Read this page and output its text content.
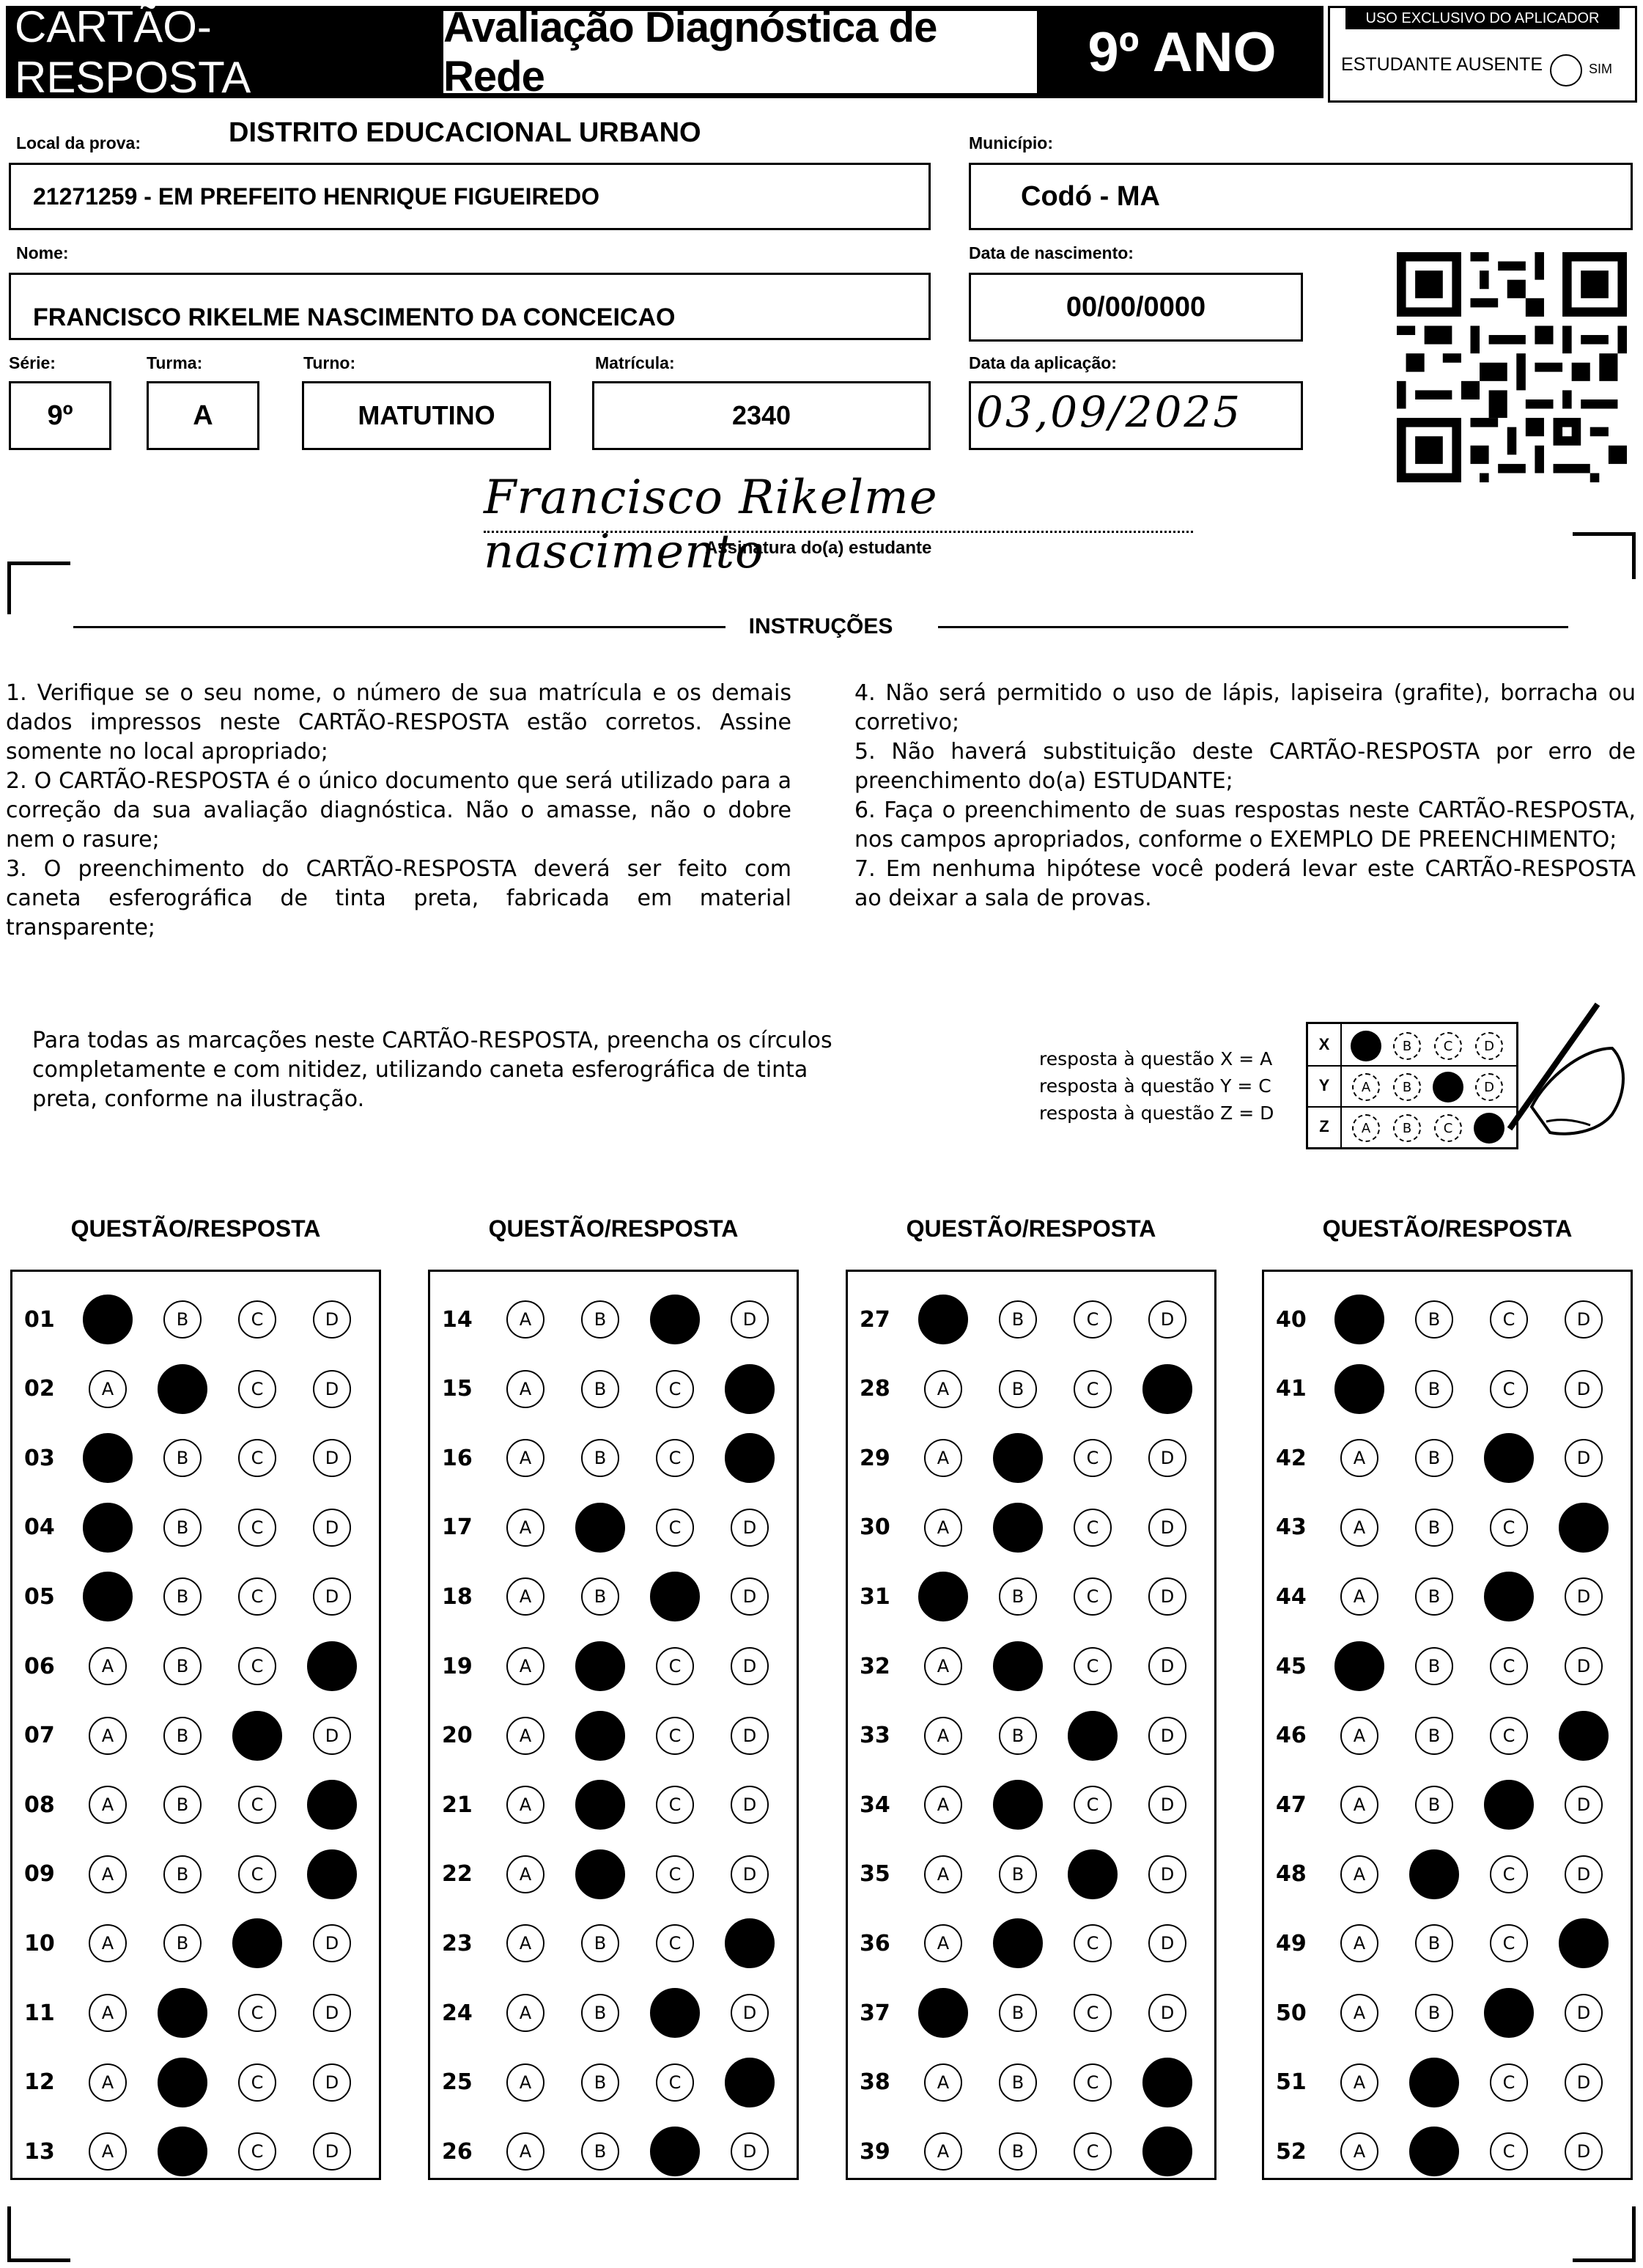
CARTÃO-RESPOSTA
Avaliação Diagnóstica de Rede	9º ANO
USO EXCLUSIVO DO APLICADOR
ESTUDANTE AUSENTE	SIM
Local da prova:	DISTRITO EDUCACIONAL URBANO
21271259 - EM PREFEITO HENRIQUE FIGUEIREDO
Município:
Codó - MA
Nome:
FRANCISCO RIKELME NASCIMENTO DA CONCEICAO
Data de nascimento:
00/00/0000
Série:
9º
Turma:
A
Turno:
MATUTINO
Matrícula:
2340
Data da aplicação:
03,09/2025
Francisco Rikelme nascimento
Assinatura do(a) estudante
INSTRUÇÕES

1. Verifique se o seu nome, o número de sua matrícula e os demais dados impressos neste CARTÃO-RESPOSTA estão corretos. Assine somente no local apropriado;

2. O CARTÃO-RESPOSTA é o único documento que será utilizado para a correção da sua avaliação diagnóstica. Não o amasse, não o dobre nem o rasure;

3. O preenchimento do CARTÃO-RESPOSTA deverá ser feito com caneta esferográfica de tinta preta, fabricada em material transparente;

4. Não será permitido o uso de lápis, lapiseira (grafite), borracha ou corretivo;

5. Não haverá substituição deste CARTÃO-RESPOSTA por erro de preenchimento do(a) ESTUDANTE;

6. Faça o preenchimento de suas respostas neste CARTÃO-RESPOSTA, nos campos apropriados, conforme o EXEMPLO DE PREENCHIMENTO;

7. Em nenhuma hipótese você poderá levar este CARTÃO-RESPOSTA ao deixar a sala de provas.

Para todas as marcações neste CARTÃO-RESPOSTA, preencha os círculos completamente e com nitidez, utilizando caneta esferográfica de tinta preta, conforme na ilustração.
resposta à questão X = A
resposta à questão Y = C
resposta à questão Z = D
X	B C D
Y	A B	D
Z	A B C
QUESTÃO/RESPOSTA
01	B	C	D
02	A	C	D
03	B	C	D
04	B	C	D
05	B	C	D
06	A	B	C
07	A	B	D
08	A	B	C
09	A	B	C
10	A	B	D
11	A	C	D
12	A	C	D
13	A	C	D
QUESTÃO/RESPOSTA
14	A	B	D
15	A	B	C
16	A	B	C
17	A	C	D
18	A	B	D
19	A	C	D
20	A	C	D
21	A	C	D
22	A	C	D
23	A	B	C
24	A	B	D
25	A	B	C
26	A	B	D
QUESTÃO/RESPOSTA
27	B	C	D
28	A	B	C
29	A	C	D
30	A	C	D
31	B	C	D
32	A	C	D
33	A	B	D
34	A	C	D
35	A	B	D
36	A	C	D
37	B	C	D
38	A	B	C
39	A	B	C
QUESTÃO/RESPOSTA
40	B	C	D
41	B	C	D
42	A	B	D
43	A	B	C
44	A	B	D
45	B	C	D
46	A	B	C
47	A	B	D
48	A	C	D
49	A	B	C
50	A	B	D
51	A	C	D
52	A	C	D
